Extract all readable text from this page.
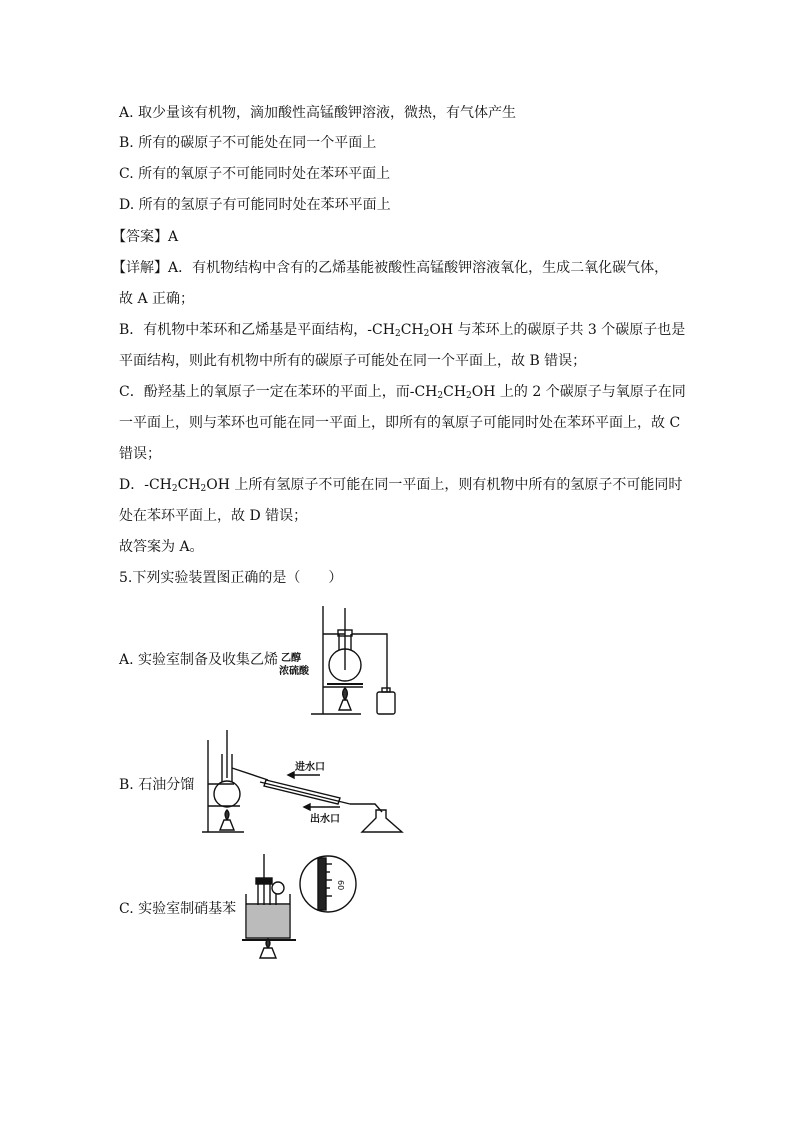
A. 取少量该有机物，滴加酸性高锰酸钾溶液，微热，有气体产生
B. 所有的碳原子不可能处在同一个平面上
C. 所有的氧原子不可能同时处在苯环平面上
D. 所有的氢原子有可能同时处在苯环平面上
【答案】A
【详解】A．有机物结构中含有的乙烯基能被酸性高锰酸钾溶液氧化，生成二氧化碳气体，
故 A 正确；
B．有机物中苯环和乙烯基是平面结构，$-CH_2CH_2OH$ 与苯环上的碳原子共 3 个碳原子也是
平面结构，则此有机物中所有的碳原子可能处在同一个平面上，故 B 错误；
C．酚羟基上的氧原子一定在苯环的平面上，而$-CH_2CH_2OH$ 上的 2 个碳原子与氧原子在同
一平面上，则与苯环也可能在同一平面上，即所有的氧原子可能同时处在苯环平面上，故 C
错误；
D．$-CH_2CH_2OH$ 上所有氢原子不可能在同一平面上，则有机物中所有的氢原子不可能同时
处在苯环平面上，故 D 错误；
故答案为 A。
5.下列实验装置图正确的是（　　）
A. 实验室制备及收集乙烯
B. 石油分馏
C. 实验室制硝基苯
乙醇
浓硫酸
进水口
出水口
60
